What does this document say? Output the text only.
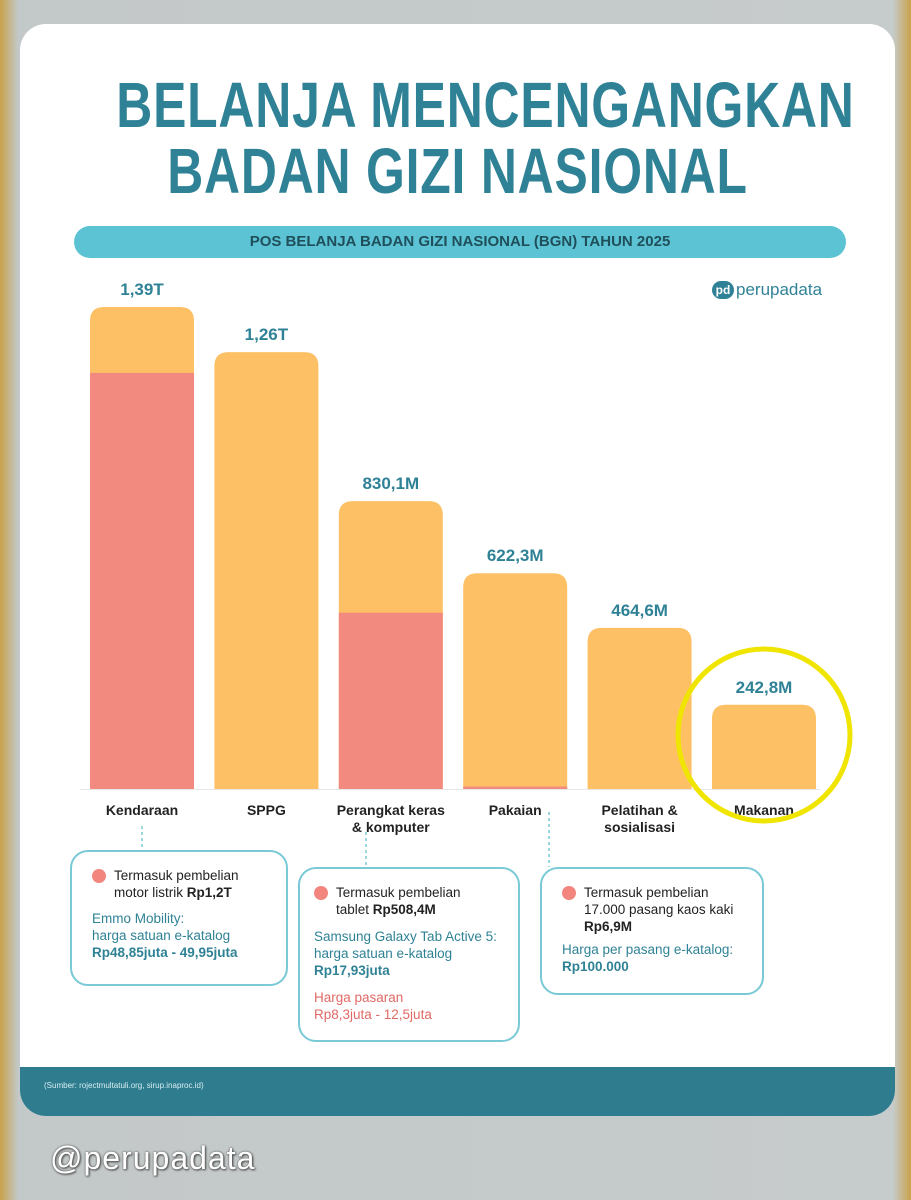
BELANJA MENCENGANGKAN
BADAN GIZI NASIONAL
POS BELANJA BADAN GIZI NASIONAL (BGN) TAHUN 2025
pd perupadata
1,39T
Kendaraan
1,26T
SPPG
830,1M
Perangkat keras
& komputer
622,3M
Pakaian
464,6M
Pelatihan &
sosialisasi
242,8M
Makanan
Termasuk pembelian
motor listrik Rp1,2T
Emmo Mobility:
harga satuan e-katalog
Rp48,85juta - 49,95juta
Termasuk pembelian
tablet Rp508,4M
Samsung Galaxy Tab Active 5:
harga satuan e-katalog
Rp17,93juta
Harga pasaran
Rp8,3juta - 12,5juta
Termasuk pembelian
17.000 pasang kaos kaki
Rp6,9M
Harga per pasang e-katalog:
Rp100.000
(Sumber: rojectmultatuli.org, sirup.inaproc.id)
@perupadata
